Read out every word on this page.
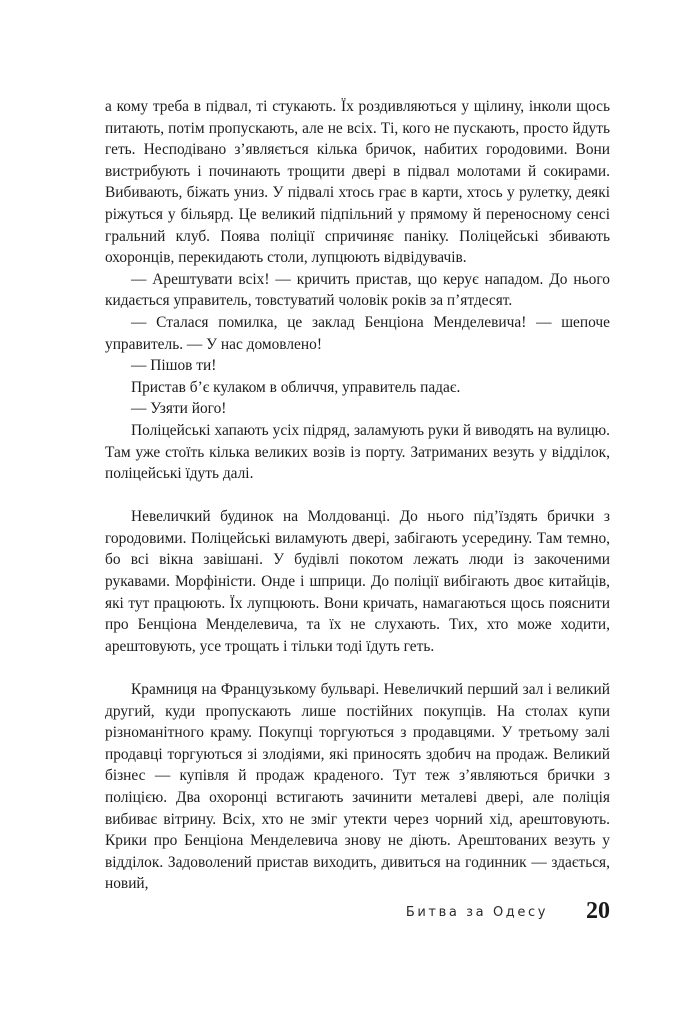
а кому треба в підвал, ті стукають. Їх роздивляються у щілину, інколи щось питають, потім пропускають, але не всіх. Ті, кого не пускають, просто йдуть геть. Несподівано з’являється кілька бричок, набитих городовими. Вони вистрибують і починають трощити двері в підвал молотами й сокирами. Вибивають, біжать униз. У підвалі хтось грає в карти, хтось у рулетку, деякі ріжуться у більярд. Це великий підпільний у прямому й переносному сенсі гральний клуб. Поява поліції спричиняє паніку. Поліцейські збивають охоронців, перекидають столи, лупцюють відвідувачів.

— Арештувати всіх! — кричить пристав, що керує нападом. До нього кидається управитель, товстуватий чоловік років за п’ятдесят.

— Сталася помилка, це заклад Бенціона Менделевича! — шепоче управитель. — У нас домовлено!

— Пішов ти!

Пристав б’є кулаком в обличчя, управитель падає.

— Узяти його!

Поліцейські хапають усіх підряд, заламують руки й виводять на вулицю. Там уже стоїть кілька великих возів із порту. Затриманих везуть у відділок, поліцейські їдуть далі.

Невеличкий будинок на Молдованці. До нього під’їздять брички з городовими. Поліцейські виламують двері, забігають усередину. Там темно, бо всі вікна завішані. У будівлі покотом лежать люди із закоченими рукавами. Морфіністи. Онде і шприци. До поліції вибігають двоє китайців, які тут працюють. Їх лупцюють. Вони кричать, намагаються щось пояснити про Бенціона Менделевича, та їх не слухають. Тих, хто може ходити, арештовують, усе трощать і тільки тоді їдуть геть.

Крамниця на Французькому бульварі. Невеличкий перший зал і великий другий, куди пропускають лише постійних покупців. На столах купи різноманітного краму. Покупці торгуються з продавцями. У третьому залі продавці торгуються зі злодіями, які приносять здобич на продаж. Великий бізнес — купівля й продаж краденого. Тут теж з’являються брички з поліцією. Два охоронці встигають зачинити металеві двері, але поліція вибиває вітрину. Всіх, хто не зміг утекти через чорний хід, арештовують. Крики про Бенціона Менделевича знову не діють. Арештованих везуть у відділок. Задоволений пристав виходить, дивиться на годинник — здається, новий,

Битва за Одесу 20
